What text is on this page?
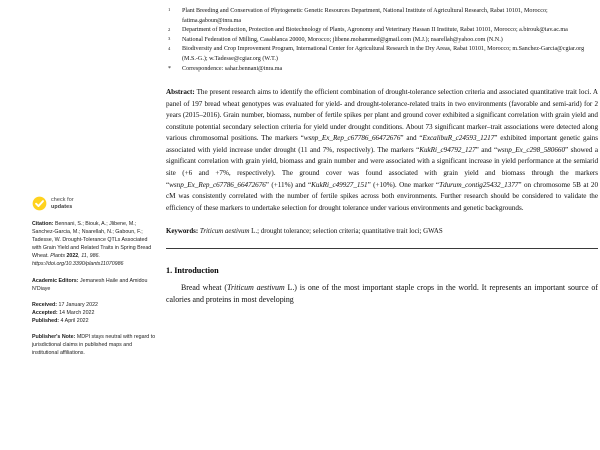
check for
updates
Citation: Bennani, S.; Biouk, A.; Jlibene, M.; Sanchez-Garcia, M.; Nsarellah, N.; Gaboun, F.; Tadesse, W. Drought-Tolerance QTLs Associated with Grain Yield and Related Traits in Spring Bread Wheat. Plants 2022, 11, 986. https://doi.org/10.3390/plants11070986
Academic Editors: Jemanesh Haile and Amidou N'Diaye
Received: 17 January 2022
Accepted: 14 March 2022
Published: 4 April 2022
Publisher's Note: MDPI stays neutral with regard to jurisdictional claims in published maps and institutional affiliations.
1 Plant Breeding and Conservation of Phytogenetic Genetic Resources Department, National Institute of Agricultural Research, Rabat 10101, Morocco; fatima.gaboun@inra.ma
2 Department of Production, Protection and Biotechnology of Plants, Agronomy and Veterinary Hassan II Institute, Rabat 10101, Morocco; a.birouk@iav.ac.ma
3 National Federation of Milling, Casablanca 20000, Morocco; jlibene.mohammed@gmail.com (M.J.); nsarellah@yahoo.com (N.N.)
4 Biodiversity and Crop Improvement Program, International Center for Agricultural Research in the Dry Areas, Rabat 10101, Morocco; m.Sanchez-Garcia@cgiar.org (M.S.-G.); w.Tadesse@cgiar.org (W.T.)
* Correspondence: sahar.bennani@inra.ma
Abstract: The present research aims to identify the efficient combination of drought-tolerance selection criteria and associated quantitative trait loci. A panel of 197 bread wheat genotypes was evaluated for yield- and drought-tolerance-related traits in two environments (favorable and semi-arid) for 2 years (2015–2016). Grain number, biomass, number of fertile spikes per plant and ground cover exhibited a significant correlation with grain yield and constitute potential secondary selection criteria for yield under drought conditions. About 73 significant marker–trait associations were detected along various chromosomal positions. The markers “wsnp_Ex_Rep_c67786_66472676” and “ExcalibuR_c24593_1217” exhibited important genetic gains associated with yield increase under drought (11 and 7%, respectively). The markers “KukRi_c94792_127” and “wsnp_Ex_c298_580660” showed a significant correlation with grain yield, biomass and grain number and were associated with a significant increase in yield performance at the semiarid site (+6 and +7%, respectively). The ground cover was found associated with grain yield and biomass through the markers “wsnp_Ex_Rep_c67786_66472676” (+11%) and “KukRi_c49927_151” (+10%). One marker “Tdurum_contig25432_1377” on chromosome 5B at 20 cM was consistently correlated with the number of fertile spikes across both environments. Further research should be considered to validate the efficiency of these markers to undertake selection for drought tolerance under various environments and genetic backgrounds.
Keywords: Triticum aestivum L.; drought tolerance; selection criteria; quantitative trait loci; GWAS
1. Introduction
Bread wheat (Triticum aestivum L.) is one of the most important staple crops in the world. It represents an important source of calories and proteins in most developing
